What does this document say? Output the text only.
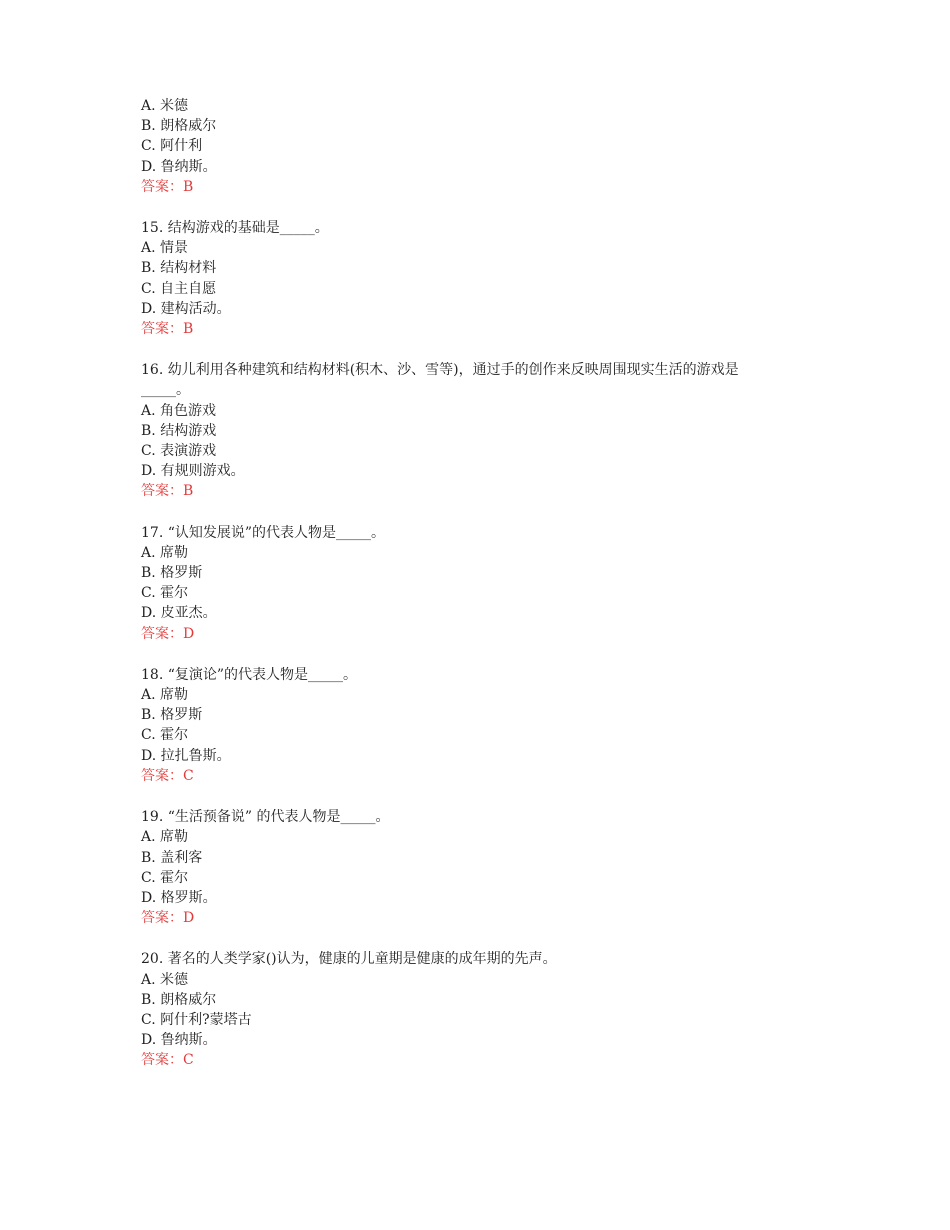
A. 米德
B. 朗格威尔
C. 阿什利
D. 鲁纳斯。
答案：B
15. 结构游戏的基础是_____。
A. 情景
B. 结构材料
C. 自主自愿
D. 建构活动。
答案：B
16. 幼儿利用各种建筑和结构材料(积木、沙、雪等)，通过手的创作来反映周围现实生活的游戏是
_____。
A. 角色游戏
B. 结构游戏
C. 表演游戏
D. 有规则游戏。
答案：B
17. “认知发展说”的代表人物是_____。
A. 席勒
B. 格罗斯
C. 霍尔
D. 皮亚杰。
答案：D
18. “复演论”的代表人物是_____。
A. 席勒
B. 格罗斯
C. 霍尔
D. 拉扎鲁斯。
答案：C
19. “生活预备说” 的代表人物是_____。
A. 席勒
B. 盖利客
C. 霍尔
D. 格罗斯。
答案：D
20. 著名的人类学家()认为，健康的儿童期是健康的成年期的先声。
A. 米德
B. 朗格威尔
C. 阿什利?蒙塔古
D. 鲁纳斯。
答案：C
